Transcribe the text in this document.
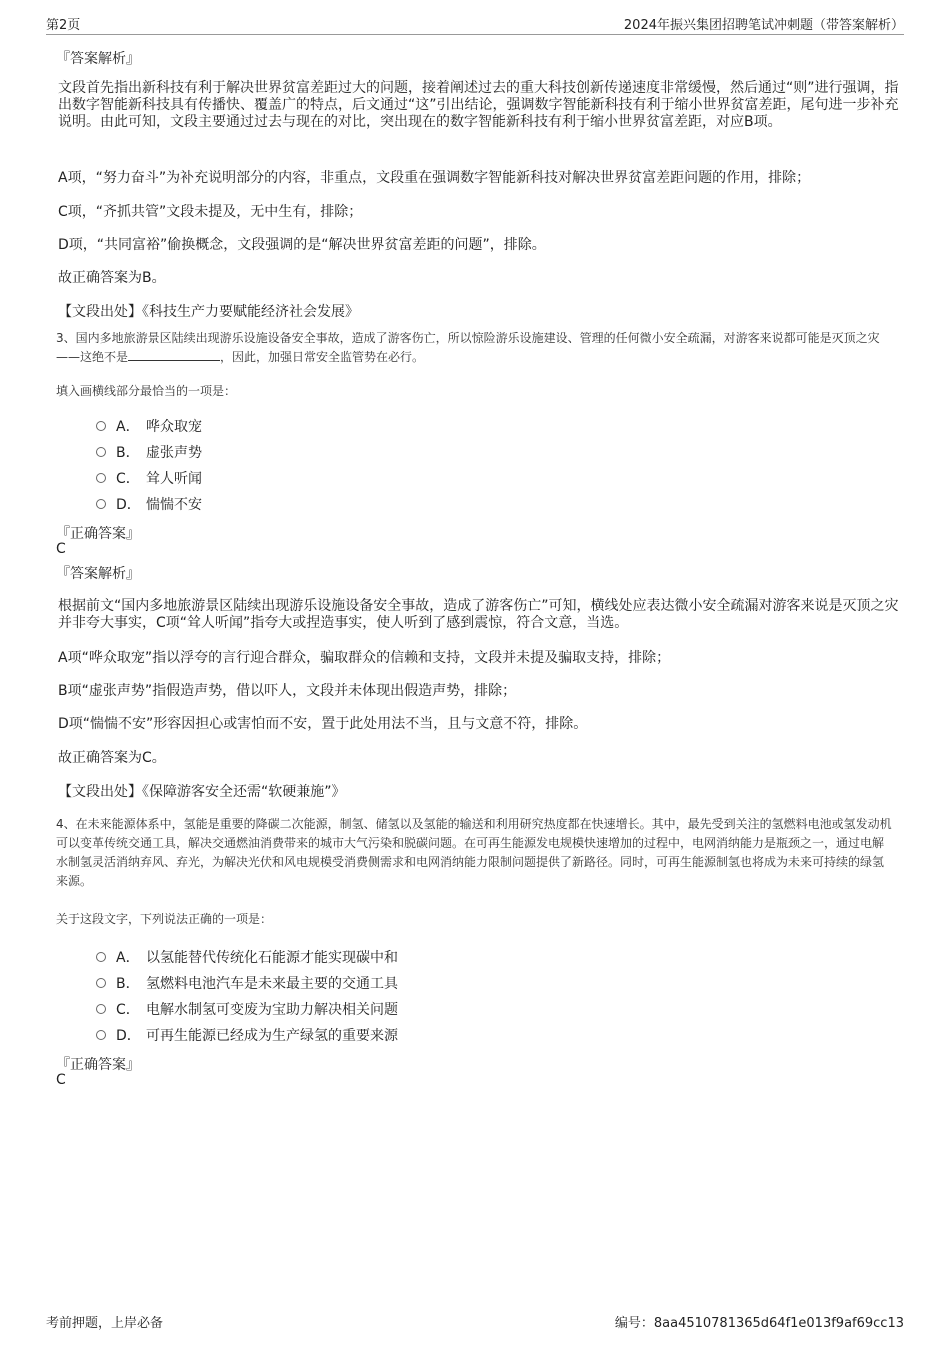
第2页	2024年振兴集团招聘笔试冲刺题（带答案解析）
『答案解析』
文段首先指出新科技有利于解决世界贫富差距过大的问题，接着阐述过去的重大科技创新传递速度非常缓慢，然后通过“则”进行强调，指出数字智能新科技具有传播快、覆盖广的特点，后文通过“这”引出结论，强调数字智能新科技有利于缩小世界贫富差距，尾句进一步补充说明。由此可知，文段主要通过过去与现在的对比，突出现在的数字智能新科技有利于缩小世界贫富差距，对应B项。
A项，“努力奋斗”为补充说明部分的内容，非重点，文段重在强调数字智能新科技对解决世界贫富差距问题的作用，排除；
C项，“齐抓共管”文段未提及，无中生有，排除；
D项，“共同富裕”偷换概念，文段强调的是“解决世界贫富差距的问题”，排除。
故正确答案为B。
【文段出处】《科技生产力要赋能经济社会发展》
3、国内多地旅游景区陆续出现游乐设施设备安全事故，造成了游客伤亡，所以惊险游乐设施建设、管理的任何微小安全疏漏，对游客来说都可能是灭顶之灾——这绝不是	，因此，加强日常安全监管势在必行。
填入画横线部分最恰当的一项是：
A． 哗众取宠
B． 虚张声势
C． 耸人听闻
D． 惴惴不安
『正确答案』
C
『答案解析』
根据前文“国内多地旅游景区陆续出现游乐设施设备安全事故，造成了游客伤亡”可知，横线处应表达微小安全疏漏对游客来说是灭顶之灾并非夸大事实，C项“耸人听闻”指夸大或捏造事实，使人听到了感到震惊，符合文意，当选。
A项“哗众取宠”指以浮夸的言行迎合群众，骗取群众的信赖和支持，文段并未提及骗取支持，排除；
B项“虚张声势”指假造声势，借以吓人，文段并未体现出假造声势，排除；
D项“惴惴不安”形容因担心或害怕而不安，置于此处用法不当，且与文意不符，排除。
故正确答案为C。
【文段出处】《保障游客安全还需“软硬兼施”》
4、在未来能源体系中，氢能是重要的降碳二次能源，制氢、储氢以及氢能的输送和利用研究热度都在快速增长。其中，最先受到关注的氢燃料电池或氢发动机可以变革传统交通工具，解决交通燃油消费带来的城市大气污染和脱碳问题。在可再生能源发电规模快速增加的过程中，电网消纳能力是瓶颈之一，通过电解水制氢灵活消纳弃风、弃光，为解决光伏和风电规模受消费侧需求和电网消纳能力限制问题提供了新路径。同时，可再生能源制氢也将成为未来可持续的绿氢来源。
关于这段文字，下列说法正确的一项是：
A． 以氢能替代传统化石能源才能实现碳中和
B． 氢燃料电池汽车是未来最主要的交通工具
C． 电解水制氢可变废为宝助力解决相关问题
D． 可再生能源已经成为生产绿氢的重要来源
『正确答案』
C
考前押题，上岸必备	编号：8aa4510781365d64f1e013f9af69cc13
